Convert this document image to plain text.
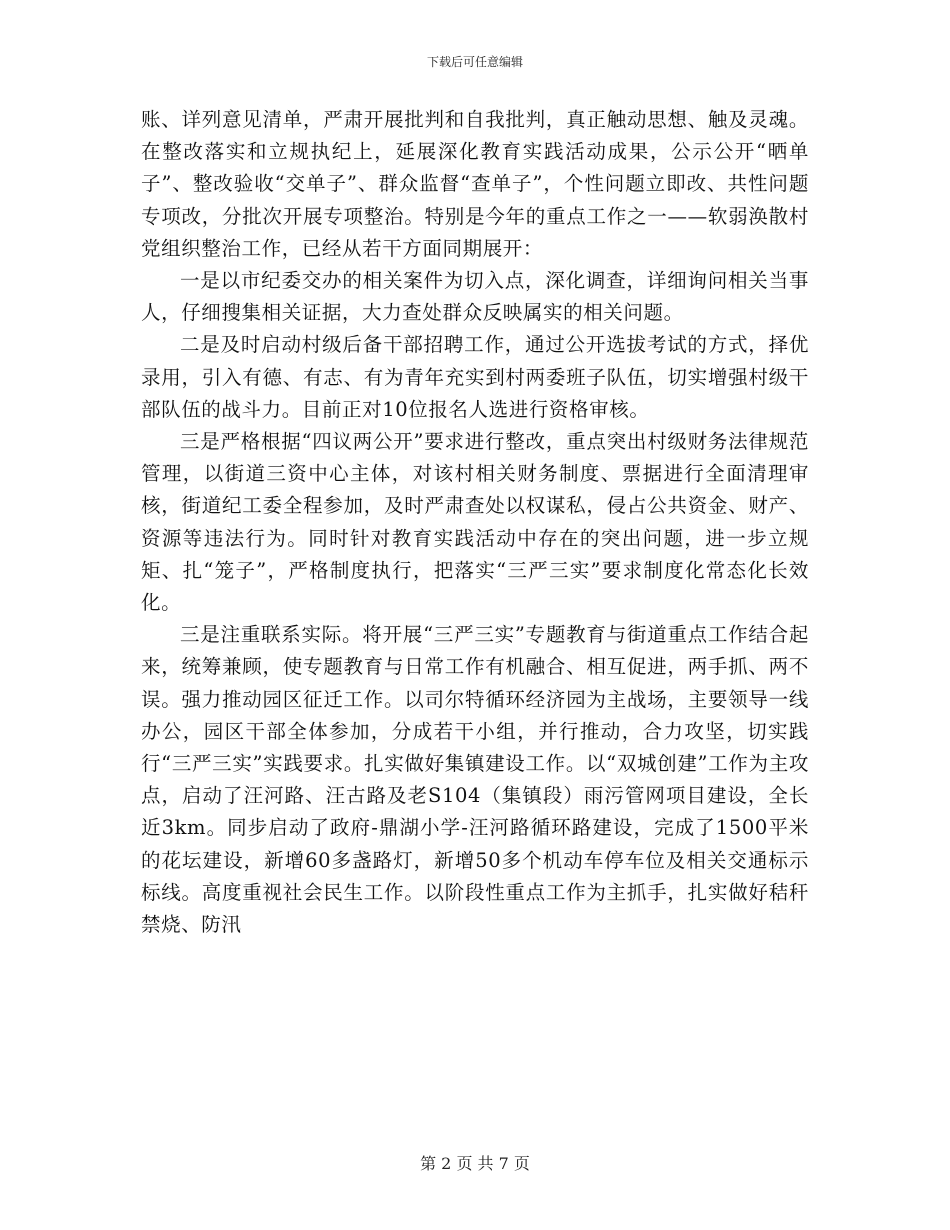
下载后可任意编辑

账、详列意见清单，严肃开展批判和自我批判，真正触动思想、触及灵魂。在整改落实和立规执纪上，延展深化教育实践活动成果，公示公开“晒单子”、整改验收“交单子”、群众监督“查单子”，个性问题立即改、共性问题专项改，分批次开展专项整治。特别是今年的重点工作之一——软弱涣散村党组织整治工作，已经从若干方面同期展开：

一是以市纪委交办的相关案件为切入点，深化调查，详细询问相关当事人，仔细搜集相关证据，大力查处群众反映属实的相关问题。

二是及时启动村级后备干部招聘工作，通过公开选拔考试的方式，择优录用，引入有德、有志、有为青年充实到村两委班子队伍，切实增强村级干部队伍的战斗力。目前正对10位报名人选进行资格审核。

三是严格根据“四议两公开”要求进行整改，重点突出村级财务法律规范管理，以街道三资中心主体，对该村相关财务制度、票据进行全面清理审核，街道纪工委全程参加，及时严肃查处以权谋私，侵占公共资金、财产、资源等违法行为。同时针对教育实践活动中存在的突出问题，进一步立规矩、扎“笼子”，严格制度执行，把落实“三严三实”要求制度化常态化长效化。

三是注重联系实际。将开展“三严三实”专题教育与街道重点工作结合起来，统筹兼顾，使专题教育与日常工作有机融合、相互促进，两手抓、两不误。强力推动园区征迁工作。以司尔特循环经济园为主战场，主要领导一线办公，园区干部全体参加，分成若干小组，并行推动，合力攻坚，切实践行“三严三实”实践要求。扎实做好集镇建设工作。以“双城创建”工作为主攻点，启动了汪河路、汪古路及老S104（集镇段）雨污管网项目建设，全长近3km。同步启动了政府-鼎湖小学-汪河路循环路建设，完成了1500平米的花坛建设，新增60多盏路灯，新增50多个机动车停车位及相关交通标示标线。高度重视社会民生工作。以阶段性重点工作为主抓手，扎实做好秸秆禁烧、防汛

第 2 页 共 7 页
